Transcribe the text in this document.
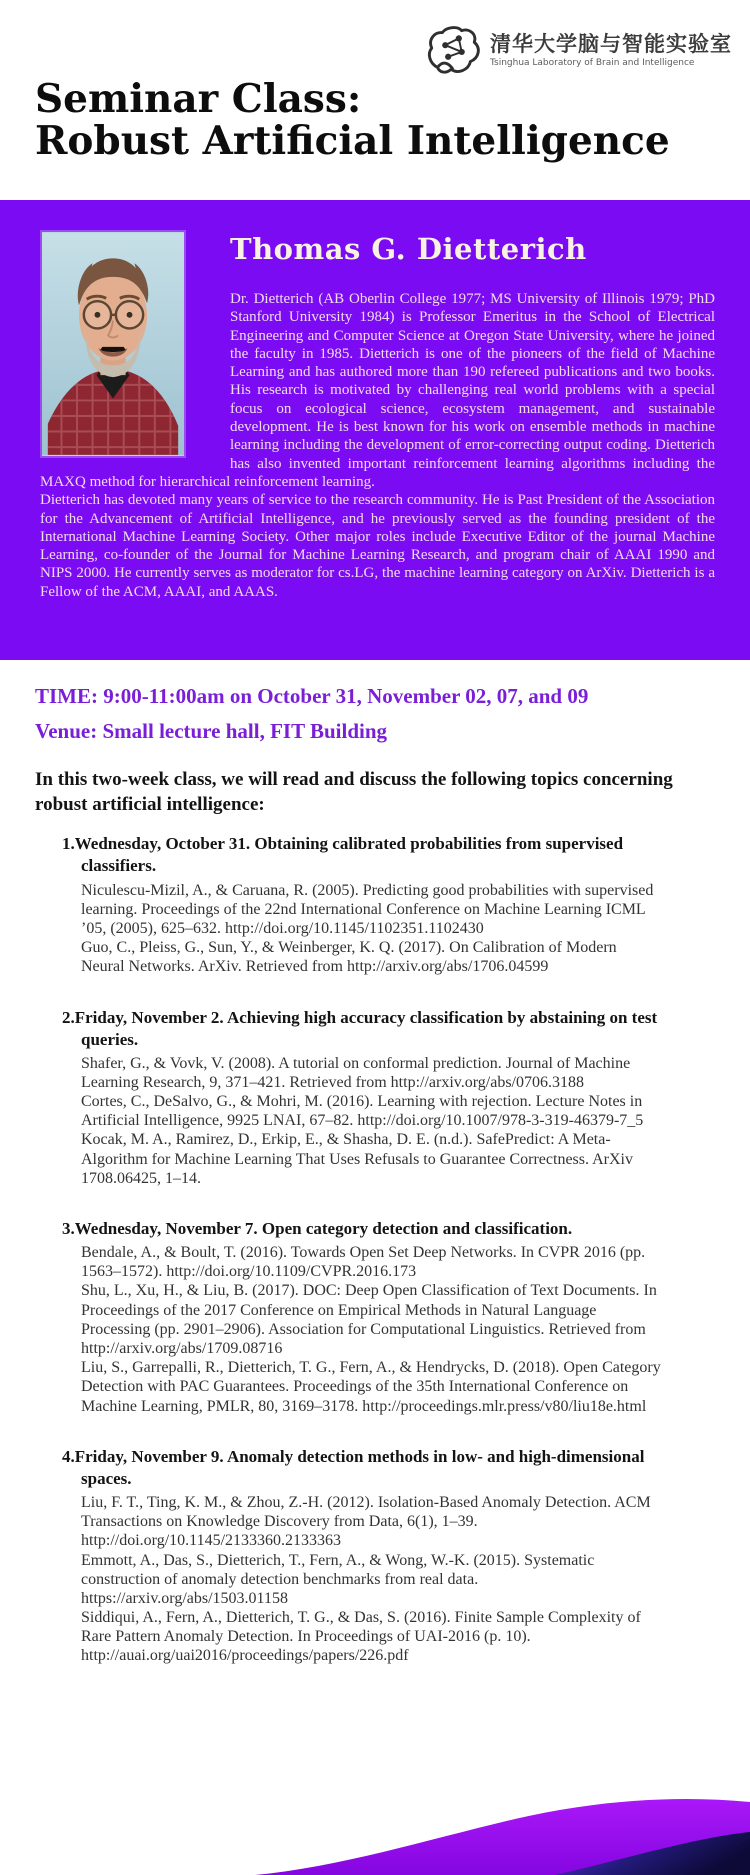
清华大学脑与智能实验室
Tsinghua Laboratory of Brain and Intelligence
Seminar Class:
Robust Artificial Intelligence
Thomas G. Dietterich

Dr. Dietterich (AB Oberlin College 1977; MS University of Illinois 1979; PhD Stanford University 1984) is Professor Emeritus in the School of Electrical Engineering and Computer Science at Oregon State University, where he joined the faculty in 1985. Dietterich is one of the pioneers of the field of Machine Learning and has authored more than 190 refereed publications and two books. His research is motivated by challenging real world problems with a special focus on ecological science, ecosystem management, and sustainable development. He is best known for his work on ensemble methods in machine learning including the development of error-correcting output coding. Dietterich has also invented important reinforcement learning algorithms including the MAXQ method for hierarchical reinforcement learning.

Dietterich has devoted many years of service to the research community. He is Past President of the Association for the Advancement of Artificial Intelligence, and he previously served as the founding president of the International Machine Learning Society. Other major roles include Executive Editor of the journal Machine Learning, co-founder of the Journal for Machine Learning Research, and program chair of AAAI 1990 and NIPS 2000. He currently serves as moderator for cs.LG, the machine learning category on ArXiv. Dietterich is a Fellow of the ACM, AAAI, and AAAS.

TIME: 9:00-11:00am on October 31, November 02, 07, and 09
Venue: Small lecture hall, FIT Building

In this two-week class, we will read and discuss the following topics concerning robust artificial intelligence:

1.Wednesday, October 31. Obtaining calibrated probabilities from supervised classifiers.

Niculescu-Mizil, A., & Caruana, R. (2005). Predicting good probabilities with supervised learning. Proceedings of the 22nd International Conference on Machine Learning ICML ’05, (2005), 625–632. http://doi.org/10.1145/1102351.1102430

Guo, C., Pleiss, G., Sun, Y., & Weinberger, K. Q. (2017). On Calibration of Modern Neural Networks. ArXiv. Retrieved from http://arxiv.org/abs/1706.04599

2.Friday, November 2. Achieving high accuracy classification by abstaining on test queries.

Shafer, G., & Vovk, V. (2008). A tutorial on conformal prediction. Journal of Machine Learning Research, 9, 371–421. Retrieved from http://arxiv.org/abs/0706.3188

Cortes, C., DeSalvo, G., & Mohri, M. (2016). Learning with rejection. Lecture Notes in Artificial Intelligence, 9925 LNAI, 67–82. http://doi.org/10.1007/978-3-319-46379-7_5

Kocak, M. A., Ramirez, D., Erkip, E., & Shasha, D. E. (n.d.). SafePredict: A Meta-Algorithm for Machine Learning That Uses Refusals to Guarantee Correctness. ArXiv 1708.06425, 1–14.

3.Wednesday, November 7. Open category detection and classification.

Bendale, A., & Boult, T. (2016). Towards Open Set Deep Networks. In CVPR 2016 (pp. 1563–1572). http://doi.org/10.1109/CVPR.2016.173

Shu, L., Xu, H., & Liu, B. (2017). DOC: Deep Open Classification of Text Documents. In Proceedings of the 2017 Conference on Empirical Methods in Natural Language Processing (pp. 2901–2906). Association for Computational Linguistics. Retrieved from http://arxiv.org/abs/1709.08716

Liu, S., Garrepalli, R., Dietterich, T. G., Fern, A., & Hendrycks, D. (2018). Open Category Detection with PAC Guarantees. Proceedings of the 35th International Conference on Machine Learning, PMLR, 80, 3169–3178. http://proceedings.mlr.press/v80/liu18e.html

4.Friday, November 9. Anomaly detection methods in low- and high-dimensional spaces.

Liu, F. T., Ting, K. M., & Zhou, Z.-H. (2012). Isolation-Based Anomaly Detection. ACM Transactions on Knowledge Discovery from Data, 6(1), 1–39. http://doi.org/10.1145/2133360.2133363

Emmott, A., Das, S., Dietterich, T., Fern, A., & Wong, W.-K. (2015). Systematic construction of anomaly detection benchmarks from real data. https://arxiv.org/abs/1503.01158

Siddiqui, A., Fern, A., Dietterich, T. G., & Das, S. (2016). Finite Sample Complexity of Rare Pattern Anomaly Detection. In Proceedings of UAI-2016 (p. 10). http://auai.org/uai2016/proceedings/papers/226.pdf
